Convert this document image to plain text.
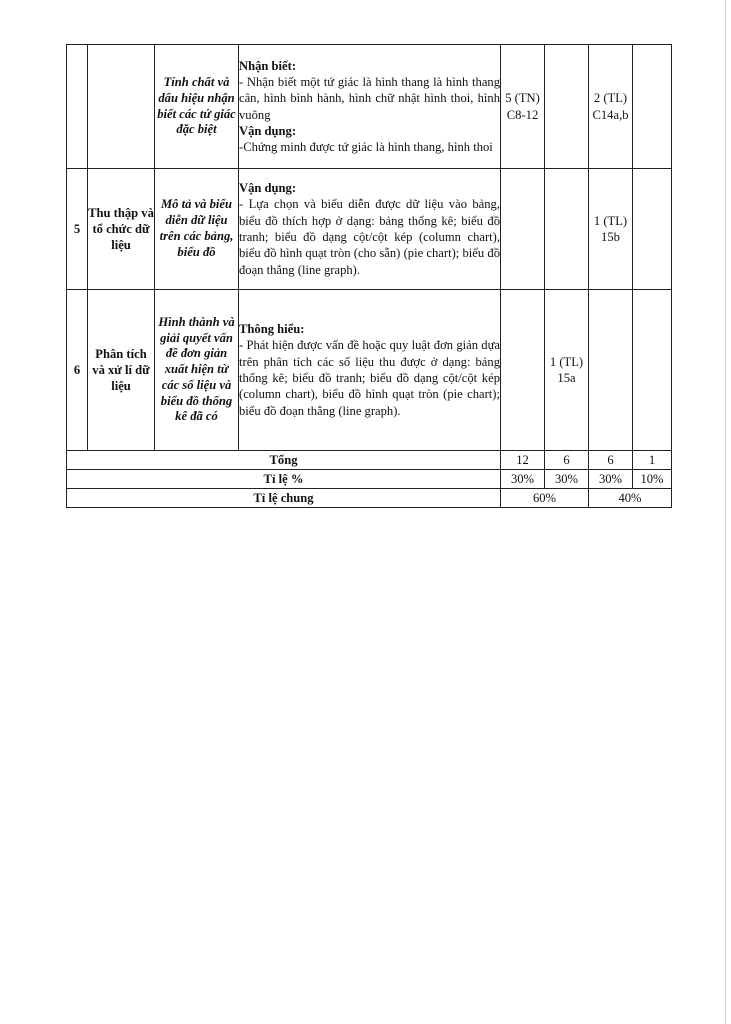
		Tính chất và dấu hiệu nhận biết các tứ giác đặc biệt	Nhận biết:
- Nhận biết một tứ giác là hình thang là hình thang cân, hình bình hành, hình chữ nhật hình thoi, hình vuông
Vận dụng:
-Chứng minh được tứ giác là hình thang, hình thoi	5 (TN) C8-12		2 (TL) C14a,b	
5	Thu thập và tổ chức dữ liệu	Mô tả và biểu diễn dữ liệu trên các bảng, biểu đồ	Vận dụng:
- Lựa chọn và biểu diễn được dữ liệu vào bảng, biểu đồ thích hợp ở dạng: bảng thống kê; biểu đồ tranh; biểu đồ dạng cột/cột kép (column chart), biểu đồ hình quạt tròn (cho sẵn) (pie chart); biểu đồ đoạn thẳng (line graph).			1 (TL) 15b	
6	Phân tích và xử lí dữ liệu	Hình thành và giải quyết vấn đề đơn giản xuất hiện từ các số liệu và biểu đồ thống kê đã có	Thông hiểu:
- Phát hiện được vấn đề hoặc quy luật đơn giản dựa trên phân tích các số liệu thu được ở dạng: bảng thống kê; biểu đồ tranh; biểu đồ dạng cột/cột kép (column chart), biểu đồ hình quạt tròn (pie chart); biểu đồ đoạn thẳng (line graph).		1 (TL) 15a		
Tổng				12	6	6	1
Tỉ lệ %				30%	30%	30%	10%
Tỉ lệ chung				60%		40%	
